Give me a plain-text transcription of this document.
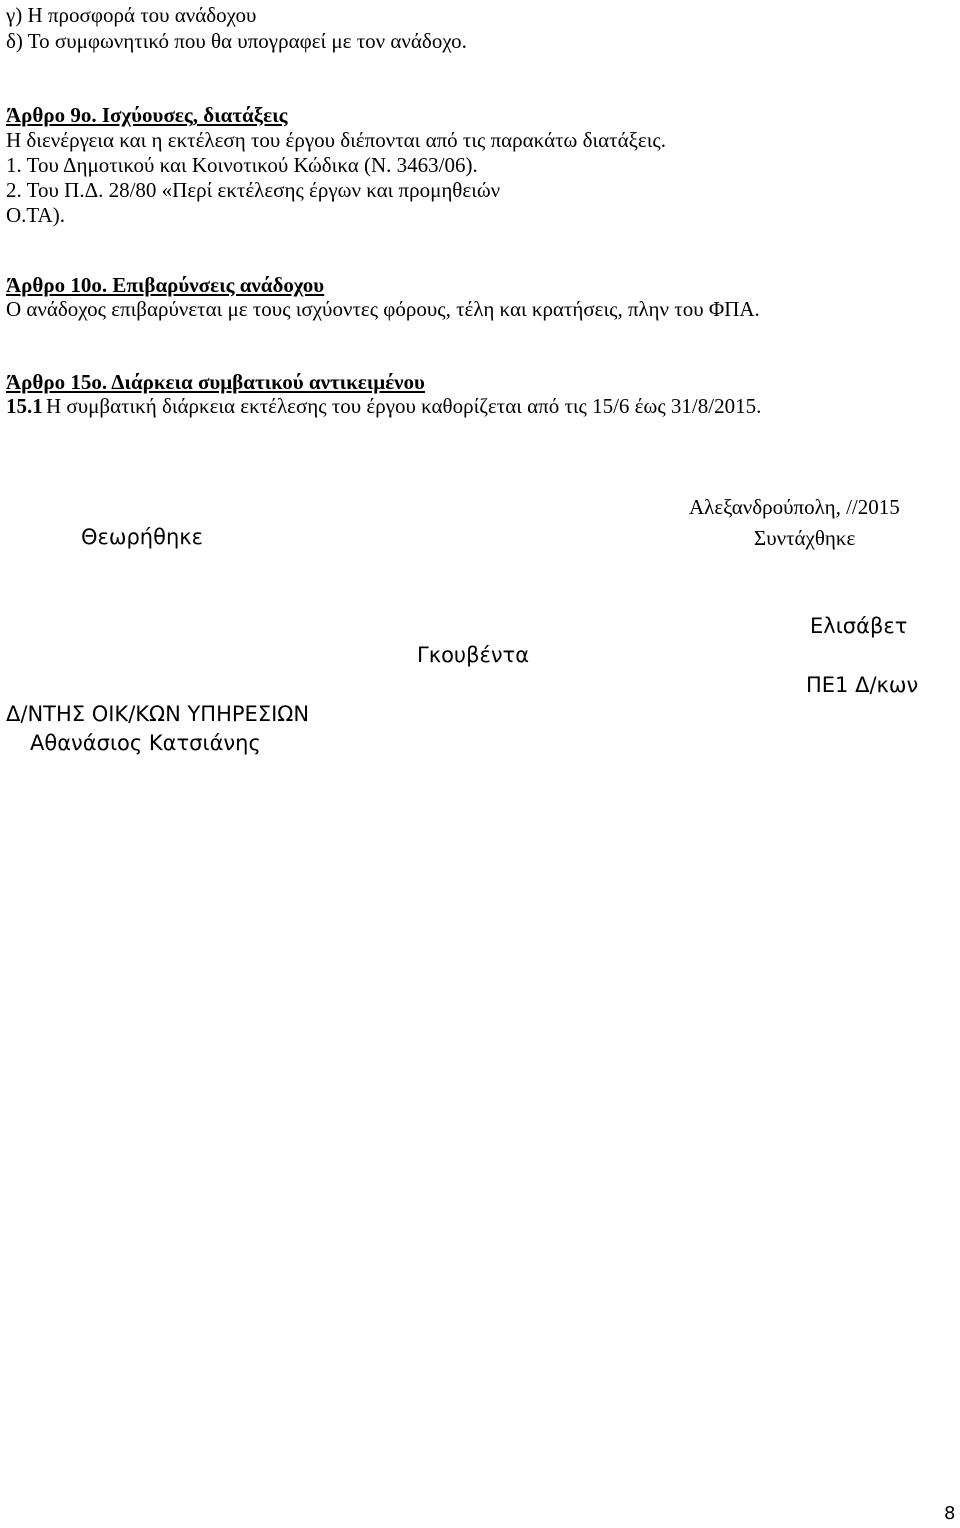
γ) Η προσφορά του ανάδοχου

δ) Το συμφωνητικό που θα υπογραφεί με τον ανάδοχο.

Άρθρο 9ο. Ισχύουσες, διατάξεις

Η διενέργεια και η εκτέλεση του έργου διέπονται από τις παρακάτω διατάξεις.

1. Του Δημοτικού και Κοινοτικού Κώδικα (Ν. 3463/06).

2. Του Π.Δ. 28/80 «Περί εκτέλεσης έργων και προμηθειών

Ο.ΤΑ).

Άρθρο 10ο. Επιβαρύνσεις ανάδοχου

Ο ανάδοχος επιβαρύνεται με τους ισχύοντες φόρους, τέλη και κρατήσεις, πλην του ΦΠΑ.

Άρθρο 15ο. Διάρκεια συμβατικού αντικειμένου

15.1 Η συμβατική διάρκεια εκτέλεσης του έργου καθορίζεται από τις 15/6 έως 31/8/2015.

Αλεξανδρούπολη, //2015

Συντάχθηκε

Θεωρήθηκε

Ελισάβετ

Γκουβέντα

ΠΕ1 Δ/κων

Δ/ΝΤΗΣ ΟΙΚ/ΚΩΝ ΥΠΗΡΕΣΙΩΝ

Αθανάσιος Κατσιάνης

8
